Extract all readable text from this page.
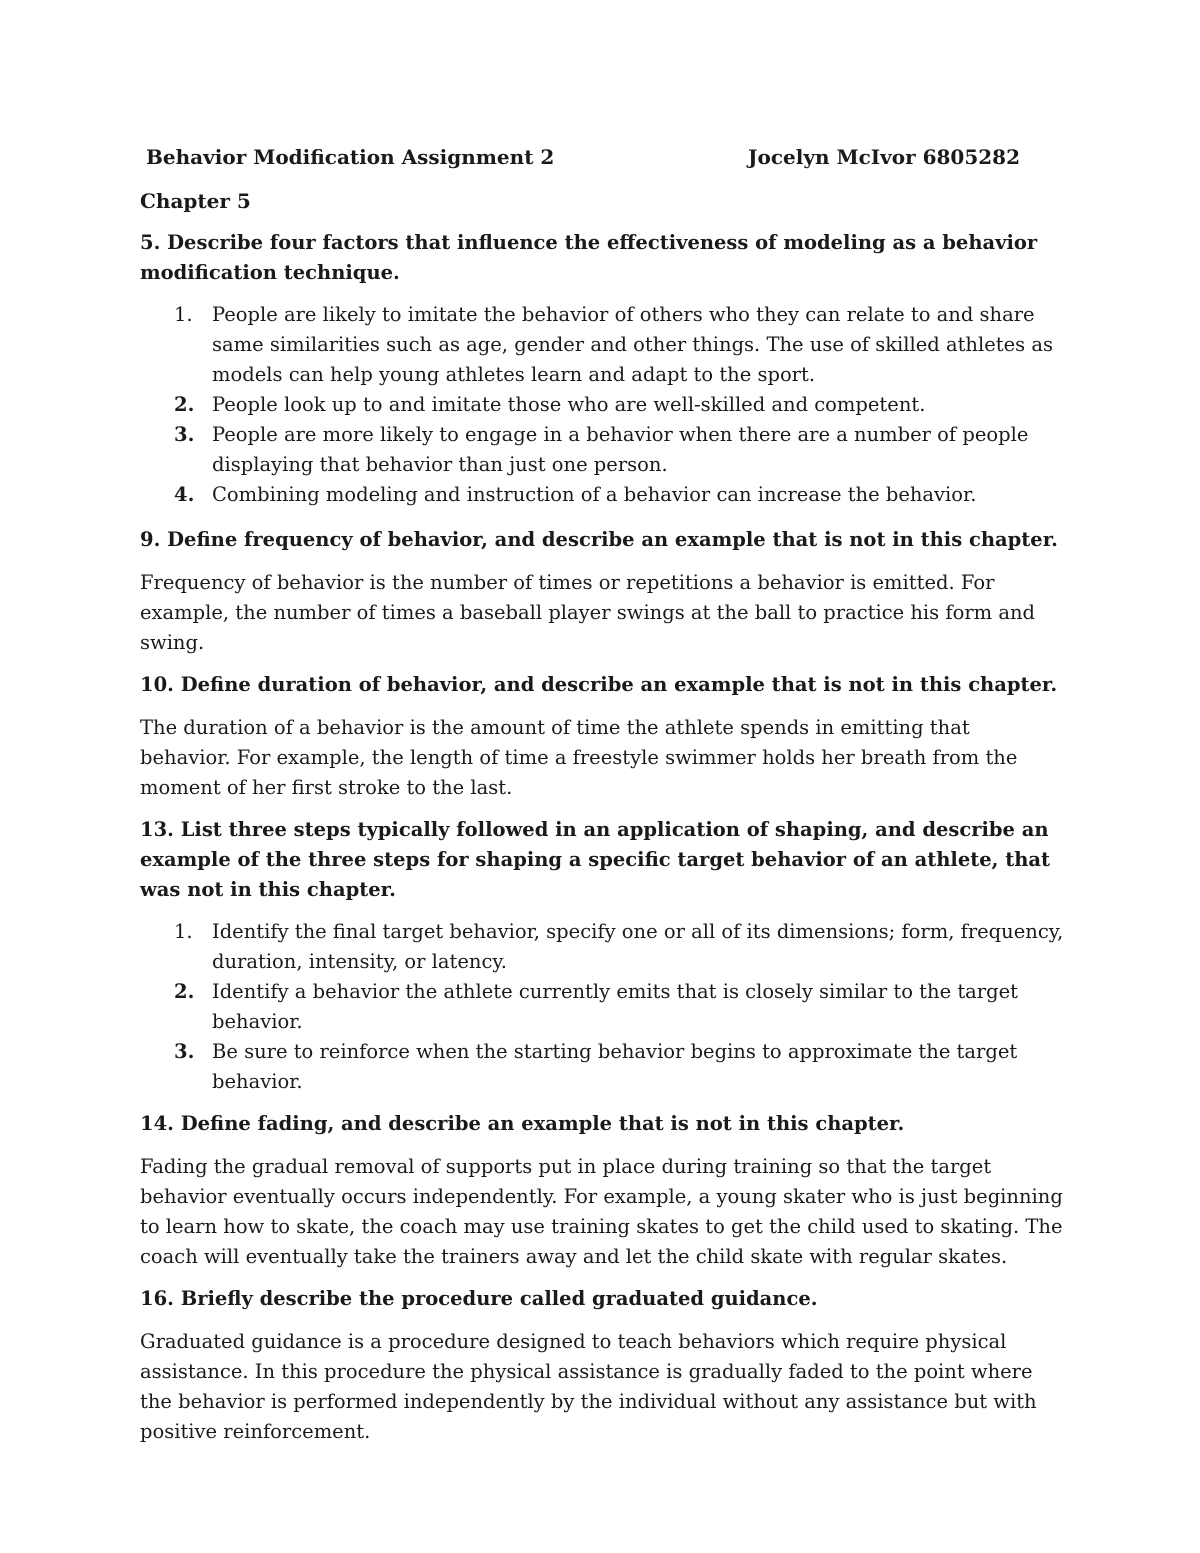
Behavior Modification Assignment 2	Jocelyn McIvor 6805282
Chapter 5
5. Describe four factors that influence the effectiveness of modeling as a behavior modification technique.
1. People are likely to imitate the behavior of others who they can relate to and share same similarities such as age, gender and other things. The use of skilled athletes as models can help young athletes learn and adapt to the sport.
2. People look up to and imitate those who are well-skilled and competent.
3. People are more likely to engage in a behavior when there are a number of people displaying that behavior than just one person.
4. Combining modeling and instruction of a behavior can increase the behavior.
9. Define frequency of behavior, and describe an example that is not in this chapter.
Frequency of behavior is the number of times or repetitions a behavior is emitted. For example, the number of times a baseball player swings at the ball to practice his form and swing.
10. Define duration of behavior, and describe an example that is not in this chapter.
The duration of a behavior is the amount of time the athlete spends in emitting that behavior. For example, the length of time a freestyle swimmer holds her breath from the moment of her first stroke to the last.
13. List three steps typically followed in an application of shaping, and describe an example of the three steps for shaping a specific target behavior of an athlete, that was not in this chapter.
1. Identify the final target behavior, specify one or all of its dimensions; form, frequency, duration, intensity, or latency.
2. Identify a behavior the athlete currently emits that is closely similar to the target behavior.
3. Be sure to reinforce when the starting behavior begins to approximate the target behavior.
14. Define fading, and describe an example that is not in this chapter.
Fading the gradual removal of supports put in place during training so that the target behavior eventually occurs independently. For example, a young skater who is just beginning to learn how to skate, the coach may use training skates to get the child used to skating. The coach will eventually take the trainers away and let the child skate with regular skates.
16. Briefly describe the procedure called graduated guidance.
Graduated guidance is a procedure designed to teach behaviors which require physical assistance. In this procedure the physical assistance is gradually faded to the point where the behavior is performed independently by the individual without any assistance but with positive reinforcement.
